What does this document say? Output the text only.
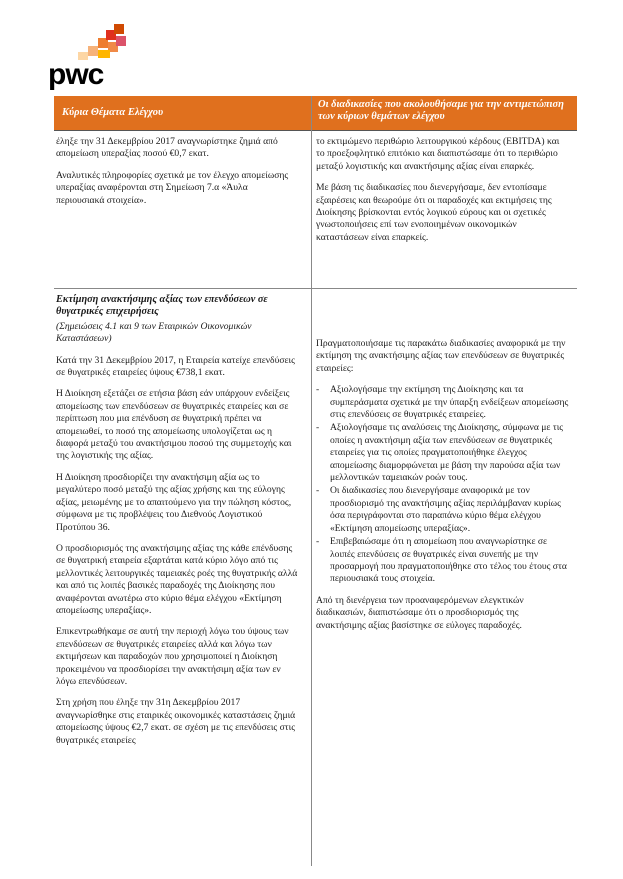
pwc
Κύρια Θέματα Ελέγχου
Οι διαδικασίες που ακολουθήσαμε για την αντιμετώπιση των κύριων θεμάτων ελέγχου

έληξε την 31 Δεκεμβρίου 2017 αναγνωρίστηκε ζημιά από απομείωση υπεραξίας ποσού €0,7 εκατ.

Αναλυτικές πληροφορίες σχετικά με τον έλεγχο απομείωσης υπεραξίας αναφέρονται στη Σημείωση 7.α «Άυλα περιουσιακά στοιχεία».

το εκτιμώμενο περιθώριο λειτουργικού κέρδους (EBITDA) και το προεξοφλητικό επιτόκιο και διαπιστώσαμε ότι το περιθώριο μεταξύ λογιστικής και ανακτήσιμης αξίας είναι επαρκές.

Με βάση τις διαδικασίες που διενεργήσαμε, δεν εντοπίσαμε εξαιρέσεις και θεωρούμε ότι οι παραδοχές και εκτιμήσεις της Διοίκησης βρίσκονται εντός λογικού εύρους και οι σχετικές γνωστοποιήσεις επί των ενοποιημένων οικονομικών καταστάσεων είναι επαρκείς.

Εκτίμηση ανακτήσιμης αξίας των επενδύσεων σε θυγατρικές επιχειρήσεις

(Σημειώσεις 4.1 και 9 των Εταιρικών Οικονομικών Καταστάσεων)

Κατά την 31 Δεκεμβρίου 2017, η Εταιρεία κατείχε επενδύσεις σε θυγατρικές εταιρείες ύψους €738,1 εκατ.

Η Διοίκηση εξετάζει σε ετήσια βάση εάν υπάρχουν ενδείξεις απομείωσης των επενδύσεων σε θυγατρικές εταιρείες και σε περίπτωση που μια επένδυση σε θυγατρική πρέπει να απομειωθεί, το ποσό της απομείωσης υπολογίζεται ως η διαφορά μεταξύ του ανακτήσιμου ποσού της συμμετοχής και της λογιστικής της αξίας.

Η Διοίκηση προσδιορίζει την ανακτήσιμη αξία ως το μεγαλύτερο ποσό μεταξύ της αξίας χρήσης και της εύλογης αξίας, μειωμένης με το απαιτούμενο για την πώληση κόστος, σύμφωνα με τις προβλέψεις του Διεθνούς Λογιστικού Προτύπου 36.

Ο προσδιορισμός της ανακτήσιμης αξίας της κάθε επένδυσης σε θυγατρική εταιρεία εξαρτάται κατά κύριο λόγο από τις μελλοντικές λειτουργικές ταμειακές ροές της θυγατρικής αλλά και από τις λοιπές βασικές παραδοχές της Διοίκησης που αναφέρονται ανωτέρω στο κύριο θέμα ελέγχου «Εκτίμηση απομείωσης υπεραξίας».

Επικεντρωθήκαμε σε αυτή την περιοχή λόγω του ύψους των επενδύσεων σε θυγατρικές εταιρείες αλλά και λόγω των εκτιμήσεων και παραδοχών που χρησιμοποιεί η Διοίκηση προκειμένου να προσδιορίσει την ανακτήσιμη αξία των εν λόγω επενδύσεων.

Στη χρήση που έληξε την 31η Δεκεμβρίου 2017 αναγνωρίσθηκε στις εταιρικές οικονομικές καταστάσεις ζημιά απομείωσης ύψους €2,7 εκατ. σε σχέση με τις επενδύσεις στις θυγατρικές εταιρείες

Πραγματοποιήσαμε τις παρακάτω διαδικασίες αναφορικά με την εκτίμηση της ανακτήσιμης αξίας των επενδύσεων σε θυγατρικές εταιρείες:

- Αξιολογήσαμε την εκτίμηση της Διοίκησης και τα συμπεράσματα σχετικά με την ύπαρξη ενδείξεων απομείωσης στις επενδύσεις σε θυγατρικές εταιρείες.
- Αξιολογήσαμε τις αναλύσεις της Διοίκησης, σύμφωνα με τις οποίες η ανακτήσιμη αξία των επενδύσεων σε θυγατρικές εταιρείες για τις οποίες πραγματοποιήθηκε έλεγχος απομείωσης διαμορφώνεται με βάση την παρούσα αξία των μελλοντικών ταμειακών ροών τους.
- Οι διαδικασίες που διενεργήσαμε αναφορικά με τον προσδιορισμό της ανακτήσιμης αξίας περιλάμβαναν κυρίως όσα περιγράφονται στο παραπάνω κύριο θέμα ελέγχου «Εκτίμηση απομείωσης υπεραξίας».
- Επιβεβαιώσαμε ότι η απομείωση που αναγνωρίστηκε σε λοιπές επενδύσεις σε θυγατρικές είναι συνεπής με την προσαρμογή που πραγματοποιήθηκε στο τέλος του έτους στα περιουσιακά τους στοιχεία.

Από τη διενέργεια των προαναφερόμενων ελεγκτικών διαδικασιών, διαπιστώσαμε ότι ο προσδιορισμός της ανακτήσιμης αξίας βασίστηκε σε εύλογες παραδοχές.
